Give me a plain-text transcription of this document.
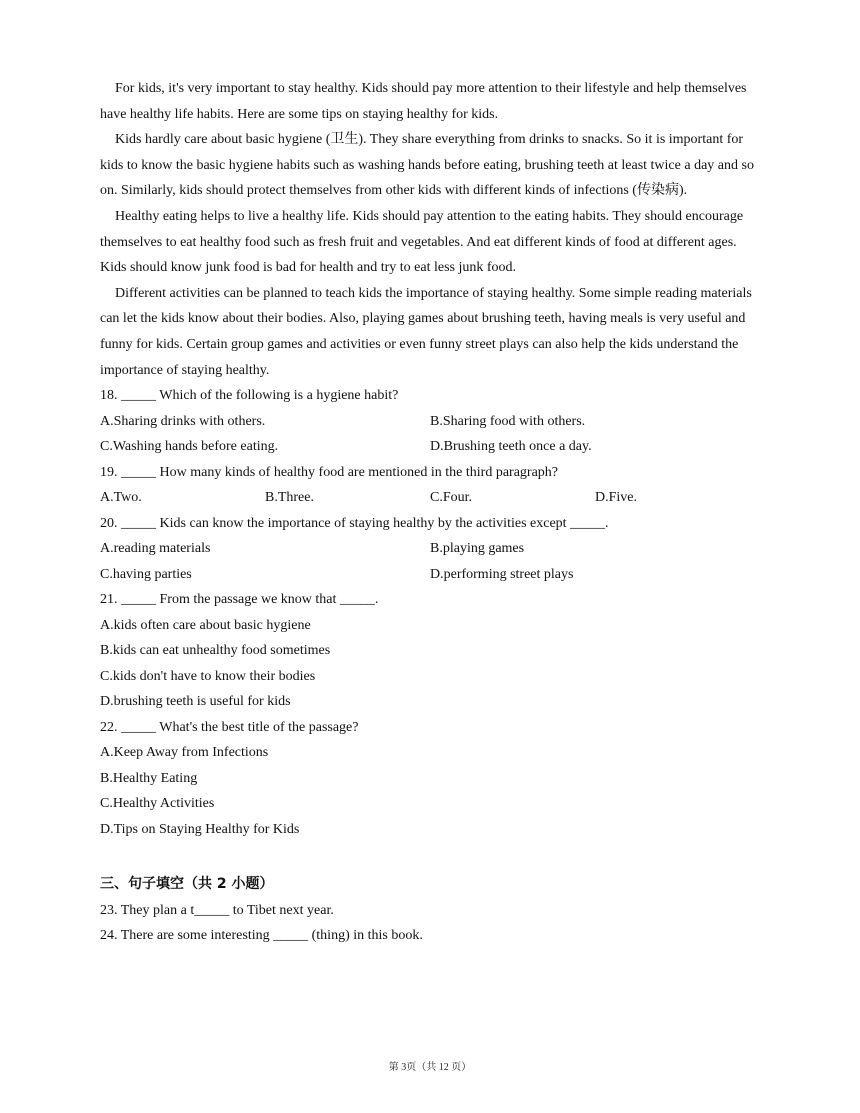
For kids, it's very important to stay healthy. Kids should pay more attention to their lifestyle and help themselves have healthy life habits. Here are some tips on staying healthy for kids.

Kids hardly care about basic hygiene (卫生). They share everything from drinks to snacks. So it is important for kids to know the basic hygiene habits such as washing hands before eating, brushing teeth at least twice a day and so on. Similarly, kids should protect themselves from other kids with different kinds of infections (传染病).

Healthy eating helps to live a healthy life. Kids should pay attention to the eating habits. They should encourage themselves to eat healthy food such as fresh fruit and vegetables. And eat different kinds of food at different ages. Kids should know junk food is bad for health and try to eat less junk food.

Different activities can be planned to teach kids the importance of staying healthy. Some simple reading materials can let the kids know about their bodies. Also, playing games about brushing teeth, having meals is very useful and funny for kids. Certain group games and activities or even funny street plays can also help the kids understand the importance of staying healthy.

18. _____ Which of the following is a hygiene habit?
A.Sharing drinks with others.	B.Sharing food with others.
C.Washing hands before eating.	D.Brushing teeth once a day.
19. _____ How many kinds of healthy food are mentioned in the third paragraph?
A.Two.	B.Three.	C.Four.	D.Five.
20. _____ Kids can know the importance of staying healthy by the activities except _____.
A.reading materials	B.playing games
C.having parties	D.performing street plays
21. _____ From the passage we know that _____.
A.kids often care about basic hygiene
B.kids can eat unhealthy food sometimes
C.kids don't have to know their bodies
D.brushing teeth is useful for kids
22. _____ What's the best title of the passage?
A.Keep Away from Infections
B.Healthy Eating
C.Healthy Activities
D.Tips on Staying Healthy for Kids
三、句子填空（共 2 小题）
23. They plan a t_____ to Tibet next year.
24. There are some interesting _____ (thing) in this book.
第 3页（共 12 页）
